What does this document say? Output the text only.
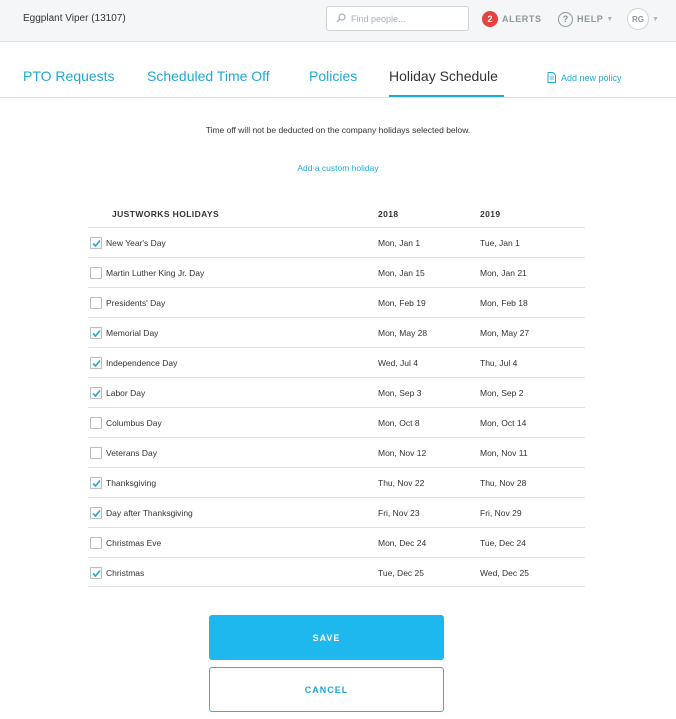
Eggplant Viper (13107)
Find people...	2	ALERTS	? HELP ▼	RG	▼
PTO Requests Scheduled Time Off	Policies Holiday Schedule	Add new policy
Time off will not be deducted on the company holidays selected below.
Add a custom holiday
JUSTWORKS HOLIDAYS	2018	2019
New Year's Day	Mon, Jan 1	Tue, Jan 1
Martin Luther King Jr. Day	Mon, Jan 15	Mon, Jan 21
Presidents' Day	Mon, Feb 19	Mon, Feb 18
Memorial Day	Mon, May 28	Mon, May 27
Independence Day	Wed, Jul 4	Thu, Jul 4
Labor Day	Mon, Sep 3	Mon, Sep 2
Columbus Day	Mon, Oct 8	Mon, Oct 14
Veterans Day	Mon, Nov 12	Mon, Nov 11
Thanksgiving	Thu, Nov 22	Thu, Nov 28
Day after Thanksgiving	Fri, Nov 23	Fri, Nov 29
Christmas Eve	Mon, Dec 24	Tue, Dec 24
Christmas	Tue, Dec 25	Wed, Dec 25
SAVE
CANCEL
